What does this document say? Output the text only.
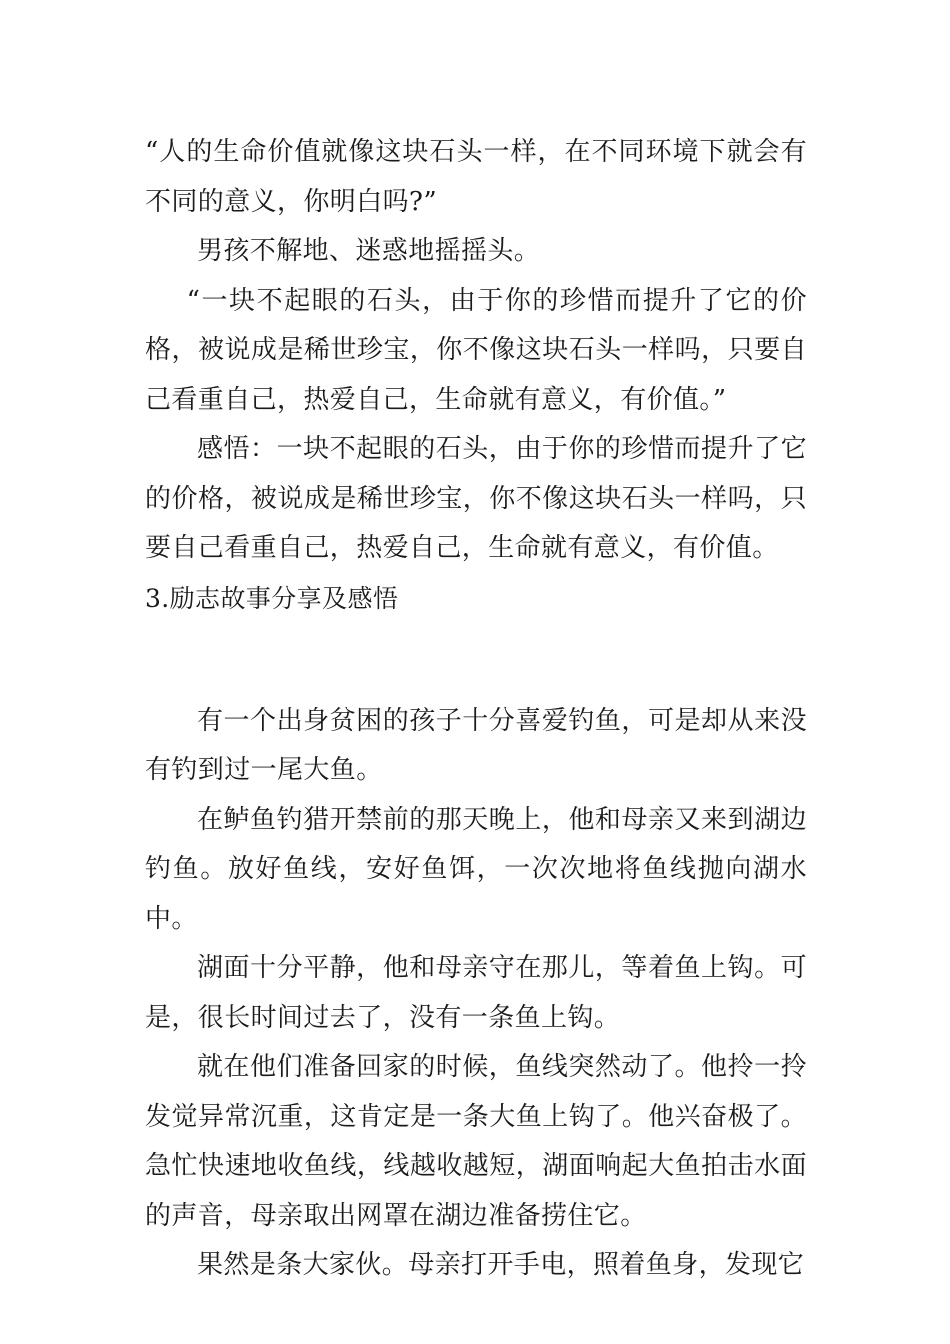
“人的生命价值就像这块石头一样，在不同环境下就会有不同的意义，你明白吗?”

男孩不解地、迷惑地摇摇头。

“一块不起眼的石头，由于你的珍惜而提升了它的价格，被说成是稀世珍宝，你不像这块石头一样吗，只要自己看重自己，热爱自己，生命就有意义，有价值。”

感悟：一块不起眼的石头，由于你的珍惜而提升了它的价格，被说成是稀世珍宝，你不像这块石头一样吗，只要自己看重自己，热爱自己，生命就有意义，有价值。

3.励志故事分享及感悟

有一个出身贫困的孩子十分喜爱钓鱼，可是却从来没有钓到过一尾大鱼。

在鲈鱼钓猎开禁前的那天晚上，他和母亲又来到湖边钓鱼。放好鱼线，安好鱼饵，一次次地将鱼线抛向湖水中。

湖面十分平静，他和母亲守在那儿，等着鱼上钩。可是，很长时间过去了，没有一条鱼上钩。

就在他们准备回家的时候，鱼线突然动了。他拎一拎发觉异常沉重，这肯定是一条大鱼上钩了。他兴奋极了。急忙快速地收鱼线，线越收越短，湖面响起大鱼拍击水面的声音，母亲取出网罩在湖边准备捞住它。

果然是条大家伙。母亲打开手电，照着鱼身，发现它
